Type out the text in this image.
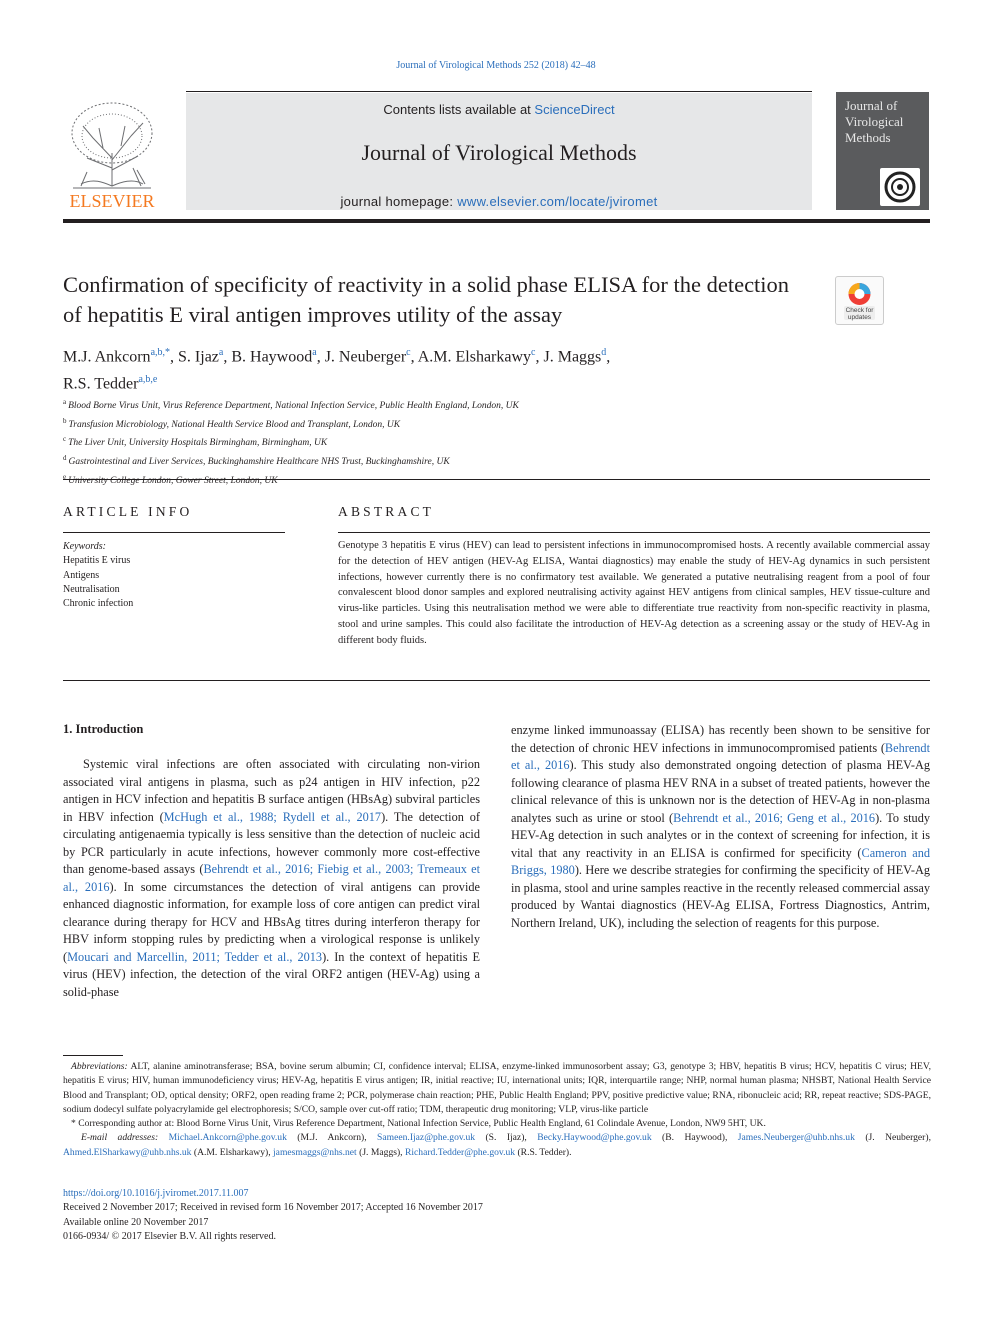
Journal of Virological Methods 252 (2018) 42–48
ELSEVIER
Contents lists available at ScienceDirect
Journal of Virological Methods
journal homepage: www.elsevier.com/locate/jviromet
Journal of Virological Methods
Confirmation of specificity of reactivity in a solid phase ELISA for the detection of hepatitis E viral antigen improves utility of the assay	Check for updates
M.J. Ankcorn$^{a,b,*}$, S. Ijaz$^a$, B. Haywood$^a$, J. Neuberger$^c$, A.M. Elsharkawy$^c$, J. Maggs$^d$,
R.S. Tedder$^{a,b,e}$
$^a$ Blood Borne Virus Unit, Virus Reference Department, National Infection Service, Public Health England, London, UK
$^b$ Transfusion Microbiology, National Health Service Blood and Transplant, London, UK
$^c$ The Liver Unit, University Hospitals Birmingham, Birmingham, UK
$^d$ Gastrointestinal and Liver Services, Buckinghamshire Healthcare NHS Trust, Buckinghamshire, UK
$^e$ University College London, Gower Street, London, UK
ARTICLE INFO	ABSTRACT
Keywords:
Hepatitis E virus
Antigens
Neutralisation
Chronic infection
Genotype 3 hepatitis E virus (HEV) can lead to persistent infections in immunocompromised hosts. A recently available commercial assay for the detection of HEV antigen (HEV-Ag ELISA, Wantai diagnostics) may enable the study of HEV-Ag dynamics in such persistent infections, however currently there is no confirmatory test available. We generated a putative neutralising reagent from a pool of four convalescent blood donor samples and explored neutralising activity against HEV antigens from clinical samples, HEV tissue-culture and virus-like particles. Using this neutralisation method we were able to differentiate true reactivity from non-specific reactivity in plasma, stool and urine samples. This could also facilitate the introduction of HEV-Ag detection as a screening assay or the study of HEV-Ag in different body fluids.
1. Introduction

Systemic viral infections are often associated with circulating non-virion associated viral antigens in plasma, such as p24 antigen in HIV infection, p22 antigen in HCV infection and hepatitis B surface antigen (HBsAg) subviral particles in HBV infection (McHugh et al., 1988; Rydell et al., 2017). The detection of circulating antigenaemia typically is less sensitive than the detection of nucleic acid by PCR particularly in acute infections, however commonly more cost-effective than genome-based assays (Behrendt et al., 2016; Fiebig et al., 2003; Tremeaux et al., 2016). In some circumstances the detection of viral antigens can provide enhanced diagnostic information, for example loss of core antigen can predict viral clearance during therapy for HCV and HBsAg titres during interferon therapy for HBV inform stopping rules by predicting when a virological response is unlikely (Moucari and Marcellin, 2011; Tedder et al., 2013). In the context of hepatitis E virus (HEV) infection, the detection of the viral ORF2 antigen (HEV-Ag) using a solid-phase

enzyme linked immunoassay (ELISA) has recently been shown to be sensitive for the detection of chronic HEV infections in immunocompromised patients (Behrendt et al., 2016). This study also demonstrated ongoing detection of plasma HEV-Ag following clearance of plasma HEV RNA in a subset of treated patients, however the clinical relevance of this is unknown nor is the detection of HEV-Ag in non-plasma analytes such as urine or stool (Behrendt et al., 2016; Geng et al., 2016). To study HEV-Ag detection in such analytes or in the context of screening for infection, it is vital that any reactivity in an ELISA is confirmed for specificity (Cameron and Briggs, 1980). Here we describe strategies for confirming the specificity of HEV-Ag in plasma, stool and urine samples reactive in the recently released commercial assay produced by Wantai diagnostics (HEV-Ag ELISA, Fortress Diagnostics, Antrim, Northern Ireland, UK), including the selection of reagents for this purpose.

Abbreviations: ALT, alanine aminotransferase; BSA, bovine serum albumin; CI, confidence interval; ELISA, enzyme-linked immunosorbent assay; G3, genotype 3; HBV, hepatitis B virus; HCV, hepatitis C virus; HEV, hepatitis E virus; HIV, human immunodeficiency virus; HEV-Ag, hepatitis E virus antigen; IR, initial reactive; IU, international units; IQR, interquartile range; NHP, normal human plasma; NHSBT, National Health Service Blood and Transplant; OD, optical density; ORF2, open reading frame 2; PCR, polymerase chain reaction; PHE, Public Health England; PPV, positive predictive value; RNA, ribonucleic acid; RR, repeat reactive; SDS-PAGE, sodium dodecyl sulfate polyacrylamide gel electrophoresis; S/CO, sample over cut-off ratio; TDM, therapeutic drug monitoring; VLP, virus-like particle

* Corresponding author at: Blood Borne Virus Unit, Virus Reference Department, National Infection Service, Public Health England, 61 Colindale Avenue, London, NW9 5HT, UK.

E-mail addresses: Michael.Ankcorn@phe.gov.uk (M.J. Ankcorn), Sameen.Ijaz@phe.gov.uk (S. Ijaz), Becky.Haywood@phe.gov.uk (B. Haywood), James.Neuberger@uhb.nhs.uk (J. Neuberger), Ahmed.ElSharkawy@uhb.nhs.uk (A.M. Elsharkawy), jamesmaggs@nhs.net (J. Maggs), Richard.Tedder@phe.gov.uk (R.S. Tedder).

https://doi.org/10.1016/j.jviromet.2017.11.007
Received 2 November 2017; Received in revised form 16 November 2017; Accepted 16 November 2017
Available online 20 November 2017
0166-0934/ © 2017 Elsevier B.V. All rights reserved.
